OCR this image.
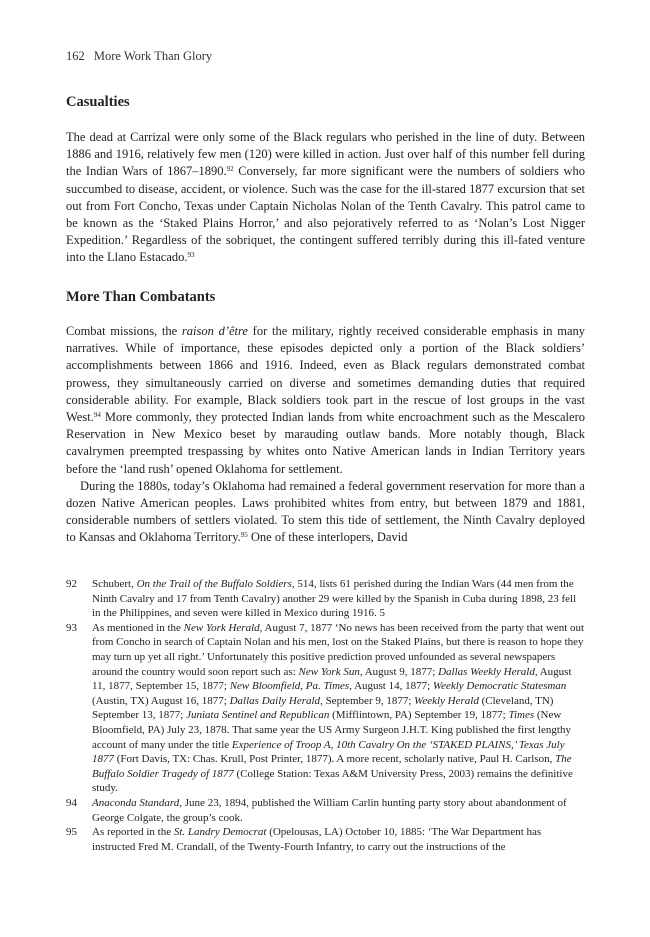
162 More Work Than Glory
Casualties

The dead at Carrizal were only some of the Black regulars who perished in the line of duty. Between 1886 and 1916, relatively few men (120) were killed in action. Just over half of this number fell during the Indian Wars of 1867–1890.92 Conversely, far more significant were the numbers of soldiers who succumbed to disease, accident, or violence. Such was the case for the ill-stared 1877 excursion that set out from Fort Concho, Texas under Captain Nicholas Nolan of the Tenth Cavalry. This patrol came to be known as the ‘Staked Plains Horror,’ and also pejoratively referred to as ‘Nolan’s Lost Nigger Expedition.’ Regardless of the sobriquet, the contingent suffered terribly during this ill-fated venture into the Llano Estacado.$^{93}$

More Than Combatants

Combat missions, the raison d’être for the military, rightly received considerable emphasis in many narratives. While of importance, these episodes depicted only a portion of the Black soldiers’ accomplishments between 1866 and 1916. Indeed, even as Black regulars demonstrated combat prowess, they simultaneously carried on diverse and sometimes demanding duties that required considerable ability. For example, Black soldiers took part in the rescue of lost groups in the vast West.$^{94}$ More commonly, they protected Indian lands from white encroachment such as the Mescalero Reservation in New Mexico beset by marauding outlaw bands. More notably though, Black cavalrymen preempted trespassing by whites onto Native American lands in Indian Territory years before the ‘land rush’ opened Oklahoma for settlement.

During the 1880s, today’s Oklahoma had remained a federal government reservation for more than a dozen Native American peoples. Laws prohibited whites from entry, but between 1879 and 1881, considerable numbers of settlers violated. To stem this tide of settlement, the Ninth Cavalry deployed to Kansas and Oklahoma Territory.$^{95}$ One of these interlopers, David

92 Schubert, On the Trail of the Buffalo Soldiers, 514, lists 61 perished during the Indian Wars (44 men from the Ninth Cavalry and 17 from Tenth Cavalry) another 29 were killed by the Spanish in Cuba during 1898, 23 fell in the Philippines, and seven were killed in Mexico during 1916. 5
93 As mentioned in the New York Herald, August 7, 1877 ‘No news has been received from the party that went out from Concho in search of Captain Nolan and his men, lost on the Staked Plains, but there is reason to hope they may turn up yet all right.’ Unfortunately this positive prediction proved unfounded as several newspapers around the country would soon report such as: New York Sun, August 9, 1877; Dallas Weekly Herald, August 11, 1877, September 15, 1877; New Bloomfield, Pa. Times, August 14, 1877; Weekly Democratic Statesman (Austin, TX) August 16, 1877; Dallas Daily Herald, September 9, 1877; Weekly Herald (Cleveland, TN) September 13, 1877; Juniata Sentinel and Republican (Mifflintown, PA) September 19, 1877; Times (New Bloomfield, PA) July 23, 1878. That same year the US Army Surgeon J.H.T. King published the first lengthy account of many under the title Experience of Troop A, 10th Cavalry On the ‘STAKED PLAINS,’ Texas July 1877 (Fort Davis, TX: Chas. Krull, Post Printer, 1877). A more recent, scholarly native, Paul H. Carlson, The Buffalo Soldier Tragedy of 1877 (College Station: Texas A&M University Press, 2003) remains the definitive study.
94 Anaconda Standard, June 23, 1894, published the William Carlin hunting party story about abandonment of George Colgate, the group’s cook.
95 As reported in the St. Landry Democrat (Opelousas, LA) October 10, 1885: ‘The War Department has instructed Fred M. Crandall, of the Twenty-Fourth Infantry, to carry out the instructions of the
